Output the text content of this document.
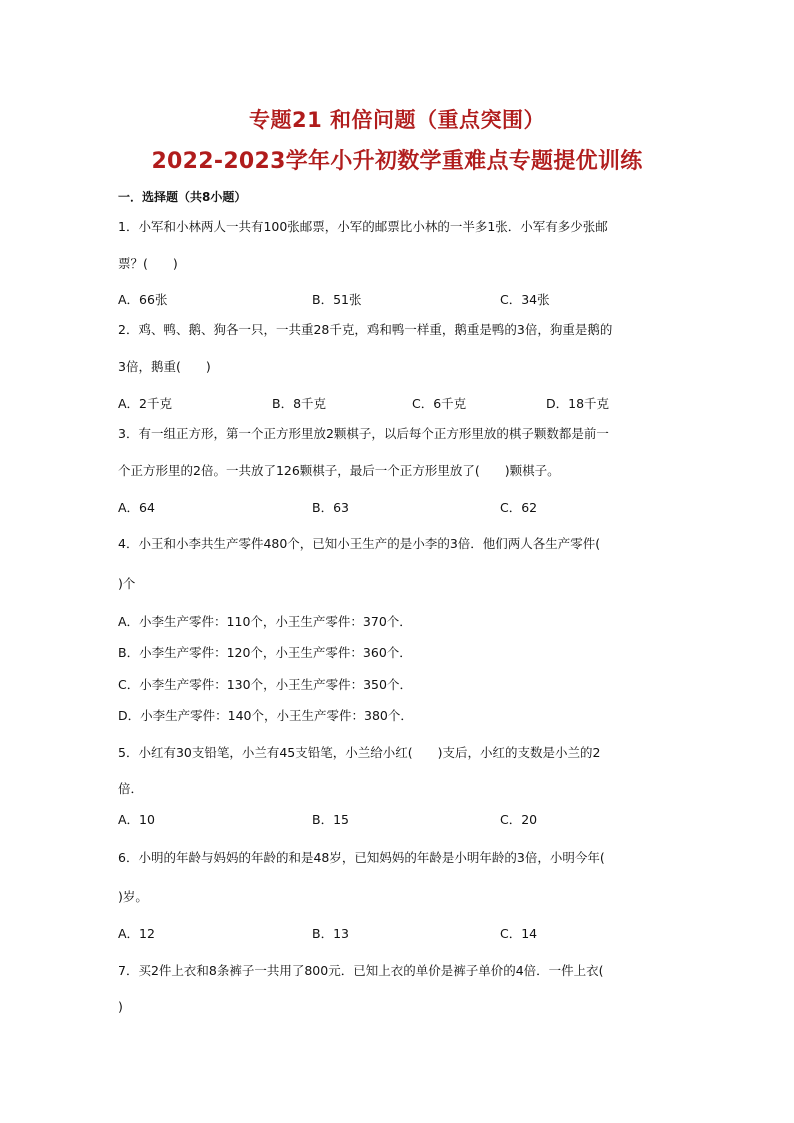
专题21 和倍问题（重点突围）
2022-2023学年小升初数学重难点专题提优训练
一．选择题（共8小题）
1．小军和小林两人一共有100张邮票，小军的邮票比小林的一半多1张．小军有多少张邮
票？(　　)
A．66张	B．51张	C．34张
2．鸡、鸭、鹅、狗各一只，一共重28千克，鸡和鸭一样重，鹅重是鸭的3倍，狗重是鹅的
3倍，鹅重(　　)
A．2千克	B．8千克	C．6千克	D．18千克
3．有一组正方形，第一个正方形里放2颗棋子，以后每个正方形里放的棋子颗数都是前一
个正方形里的2倍。一共放了126颗棋子，最后一个正方形里放了(　　)颗棋子。
A．64	B．63	C．62
4．小王和小李共生产零件480个，已知小王生产的是小李的3倍．他们两人各生产零件(
)个
A．小李生产零件：110个，小王生产零件：370个．
B．小李生产零件：120个，小王生产零件：360个．
C．小李生产零件：130个，小王生产零件：350个．
D．小李生产零件：140个，小王生产零件：380个．
5．小红有30支铅笔，小兰有45支铅笔，小兰给小红(　　)支后，小红的支数是小兰的2
倍．
A．10	B．15	C．20
6．小明的年龄与妈妈的年龄的和是48岁，已知妈妈的年龄是小明年龄的3倍，小明今年(
)岁。
A．12	B．13	C．14
7．买2件上衣和8条裤子一共用了800元．已知上衣的单价是裤子单价的4倍．一件上衣(
)
